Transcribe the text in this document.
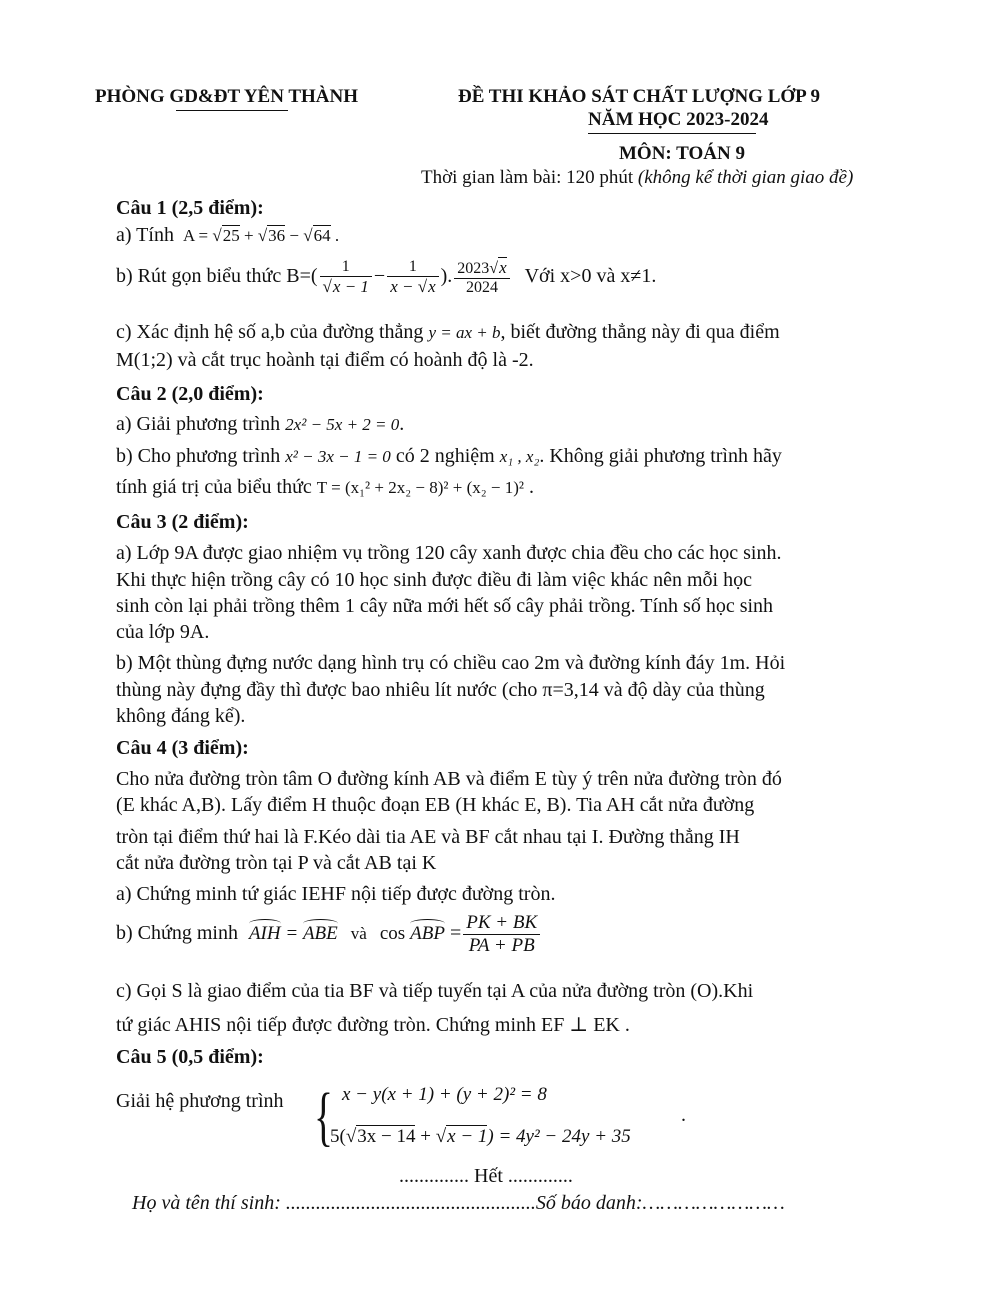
PHÒNG GD&ĐT YÊN THÀNH	ĐỀ THI KHẢO SÁT CHẤT LƯỢNG LỚP 9
NĂM HỌC 2023-2024
MÔN: TOÁN 9
Thời gian làm bài: 120 phút (không kể thời gian giao đề)
Câu 1 (2,5 điểm):
a) Tính A = √25 + √36 − √64 .
b) Rút gọn biểu thức $B=( \frac{1}{√x - 1} - \frac{1}{x - √x}$ ). $\frac{2023√x}{2024}$ Với x>0 và x≠1.
c) Xác định hệ số a,b của đường thẳng y = ax + b, biết đường thẳng này đi qua điểm
M(1;2) và cắt trục hoành tại điểm có hoành độ là -2.
Câu 2 (2,0 điểm):
a) Giải phương trình 2x² − 5x + 2 = 0.
b) Cho phương trình x² − 3x − 1 = 0 có 2 nghiệm x₁ , x₂. Không giải phương trình hãy
tính giá trị của biểu thức T = (x₁² + 2x₂ − 8)² + (x₂ − 1)² .
Câu 3 (2 điểm):
a) Lớp 9A được giao nhiệm vụ trồng 120 cây xanh được chia đều cho các học sinh.
Khi thực hiện trồng cây có 10 học sinh được điều đi làm việc khác nên mỗi học
sinh còn lại phải trồng thêm 1 cây nữa mới hết số cây phải trồng. Tính số học sinh
của lớp 9A.
b) Một thùng đựng nước dạng hình trụ có chiều cao 2m và đường kính đáy 1m. Hỏi
thùng này đựng đầy thì được bao nhiêu lít nước (cho π=3,14 và độ dày của thùng
không đáng kể).
Câu 4 (3 điểm):
Cho nửa đường tròn tâm O đường kính AB và điểm E tùy ý trên nửa đường tròn đó
(E khác A,B). Lấy điểm H thuộc đoạn EB (H khác E, B). Tia AH cắt nửa đường
tròn tại điểm thứ hai là F.Kéo dài tia AE và BF cắt nhau tại I. Đường thẳng IH
cắt nửa đường tròn tại P và cắt AB tại K
a) Chứng minh tứ giác IEHF nội tiếp được đường tròn.
b) Chứng minh AIH = ABE và cos ABP = $\frac{PK + BK}{PA + PB}$
c) Gọi S là giao điểm của tia BF và tiếp tuyến tại A của nửa đường tròn (O).Khi
tứ giác AHIS nội tiếp được đường tròn. Chứng minh EF ⊥ EK .
Câu 5 (0,5 điểm):
Giải hệ phương trình { x − y(x + 1) + (y + 2)² = 8
5(√3x − 14 + √x − 1) = 4y² − 24y + 35
.
.............. Hết .............
Họ và tên thí sinh: ..................................................Số báo danh:……………………
